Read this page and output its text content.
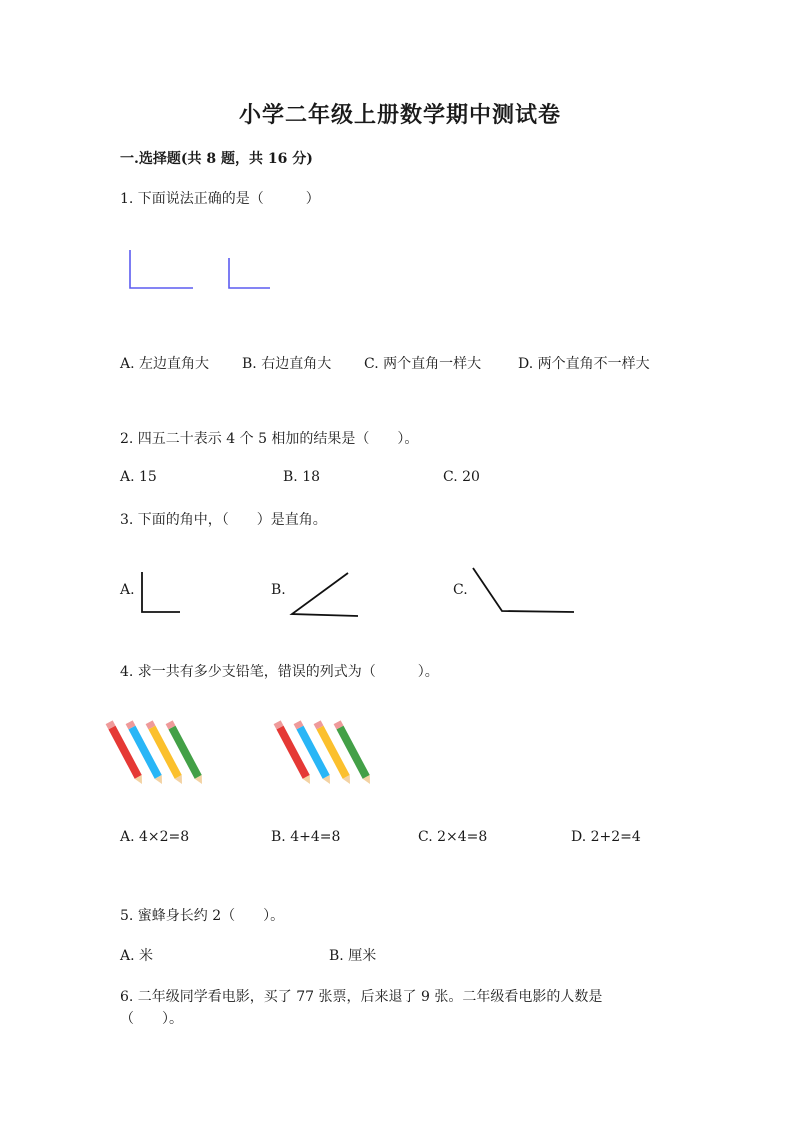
小学二年级上册数学期中测试卷
一.选择题(共 8 题，共 16 分)
1. 下面说法正确的是（　　　）
A. 左边直角大 B. 右边直角大 C. 两个直角一样大	D. 两个直角不一样大
2. 四五二十表示 4 个 5 相加的结果是（　　）。
A. 15	B. 18	C. 20
3. 下面的角中，（　　）是直角。
A.	B.	C.
4. 求一共有多少支铅笔，错误的列式为（　　　）。
A. 4×2=8	B. 4+4=8	C. 2×4=8	D. 2+2=4
5. 蜜蜂身长约 2（　　）。
A. 米	B. 厘米
6. 二年级同学看电影，买了 77 张票，后来退了 9 张。二年级看电影的人数是
（　　）。
